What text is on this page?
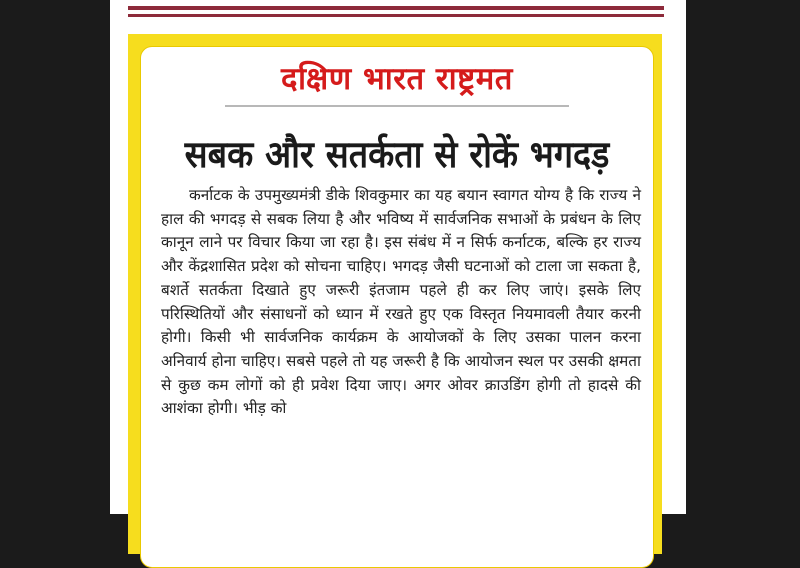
दक्षिण भारत राष्ट्रमत
सबक और सतर्कता से रोकें भगदड़

कर्नाटक के उपमुख्यमंत्री डीके शिवकुमार का यह बयान स्वागत योग्य है कि राज्य ने हाल की भगदड़ से सबक लिया है और भविष्य में सार्वजनिक सभाओं के प्रबंधन के लिए कानून लाने पर विचार किया जा रहा है। इस संबंध में न सिर्फ कर्नाटक, बल्कि हर राज्य और केंद्रशासित प्रदेश को सोचना चाहिए। भगदड़ जैसी घटनाओं को टाला जा सकता है, बशर्ते सतर्कता दिखाते हुए जरूरी इंतजाम पहले ही कर लिए जाएं। इसके लिए परिस्थितियों और संसाधनों को ध्यान में रखते हुए एक विस्तृत नियमावली तैयार करनी होगी। किसी भी सार्वजनिक कार्यक्रम के आयोजकों के लिए उसका पालन करना अनिवार्य होना चाहिए। सबसे पहले तो यह जरूरी है कि आयोजन स्थल पर उसकी क्षमता से कुछ कम लोगों को ही प्रवेश दिया जाए। अगर ओवर क्राउडिंग होगी तो हादसे की आशंका होगी। भीड़ को
